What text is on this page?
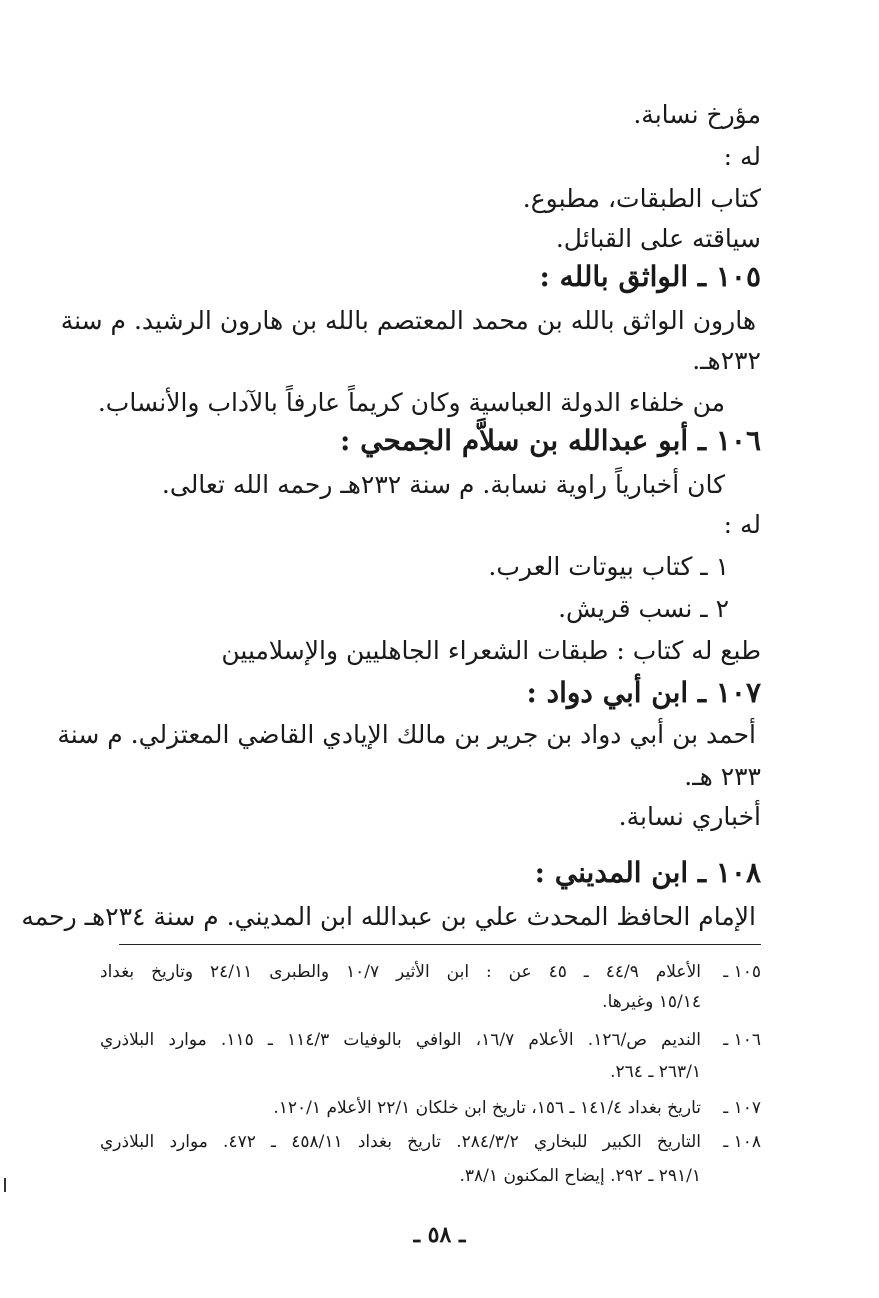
مؤرخ نسابة.
له :
كتاب الطبقات، مطبوع.
سياقته على القبائل.
١٠٥ ـ الواثق بالله :
هارون الواثق بالله بن محمد المعتصم بالله بن هارون الرشيد. م سنة
٢٣٢هـ.
من خلفاء الدولة العباسية وكان كريماً عارفاً بالآداب والأنساب.
١٠٦ ـ أبو عبدالله بن سلاَّم الجمحي :
كان أخبارياً راوية نسابة. م سنة ٢٣٢هـ رحمه الله تعالى.
له :
١ ـ كتاب بيوتات العرب.
٢ ـ نسب قريش.
طبع له كتاب : طبقات الشعراء الجاهليين والإسلاميين
١٠٧ ـ ابن أبي دواد :
أحمد بن أبي دواد بن جرير بن مالك الإيادي القاضي المعتزلي. م سنة
٢٣٣ هـ.
أخباري نسابة.
١٠٨ ـ ابن المديني :
الإمام الحافظ المحدث علي بن عبدالله ابن المديني. م سنة ٢٣٤هـ رحمه
١٠٥ ـ
الأعلام ٤٤/٩ ـ ٤٥ عن : ابن الأثير ١٠/٧ والطبرى ٢٤/١١ وتاريخ بغداد
١٥/١٤ وغيرها.
١٠٦ ـ
النديم ص/١٢٦. الأعلام ١٦/٧، الوافي بالوفيات ١١٤/٣ ـ ١١٥. موارد البلاذري
٢٦٣/١ ـ ٢٦٤.
١٠٧ ـ
تاريخ بغداد ١٤١/٤ ـ ١٥٦، تاريخ ابن خلكان ٢٢/١ الأعلام ١٢٠/١.
١٠٨ ـ
التاريخ الكبير للبخاري ٢٨٤/٣/٢. تاريخ بغداد ٤٥٨/١١ ـ ٤٧٢. موارد البلاذري
٢٩١/١ ـ ٢٩٢. إيضاح المكنون ٣٨/١.
ـ ٥٨ ـ
